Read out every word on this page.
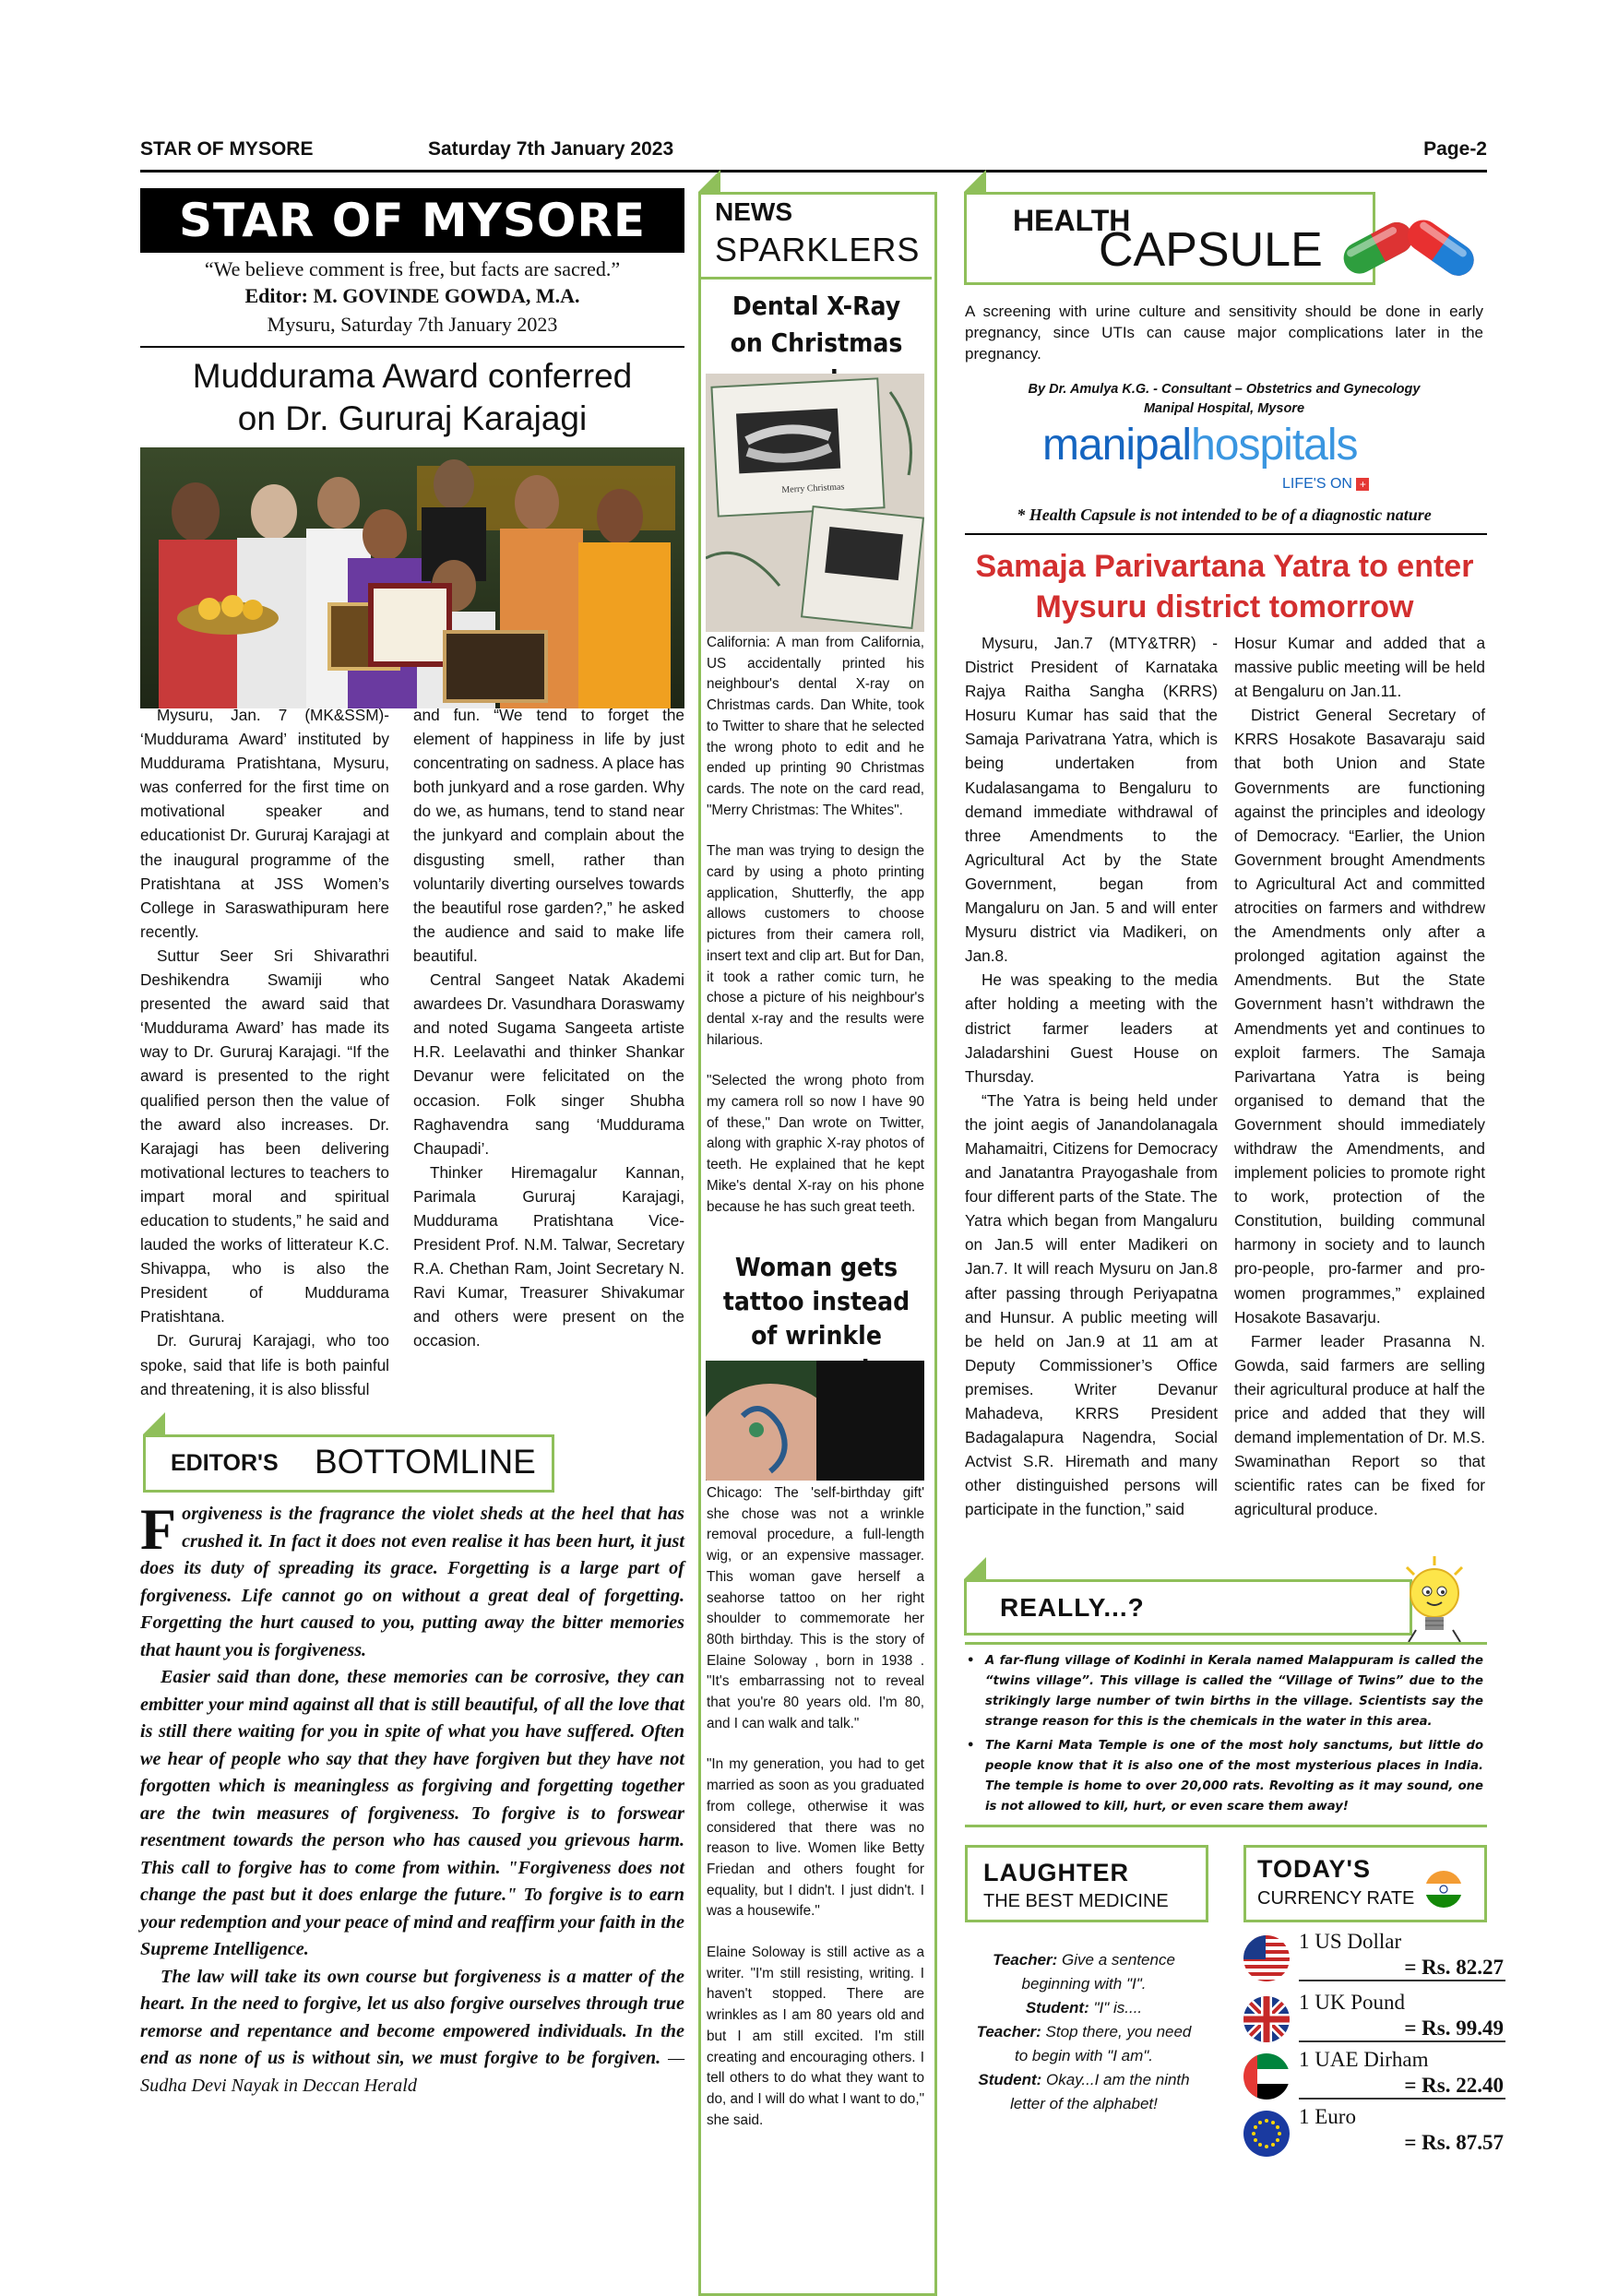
STAR OF MYSORE	Saturday 7th January 2023	Page-2
STAR OF MYSORE
“We believe comment is free, but facts are sacred.”
Editor: M. GOVINDE GOWDA, M.A.
Mysuru, Saturday 7th January 2023
Muddurama Award conferred
on Dr. Gururaj Karajagi

Mysuru, Jan. 7 (MK&SSM)- ‘Muddurama Award’ instituted by Muddurama Pratishtana, Mysuru, was conferred for the first time on motivational speaker and educationist Dr. Gururaj Karajagi at the inaugural programme of the Pratishtana at JSS Women’s College in Saraswathipuram here recently.

Suttur Seer Sri Shivarathri Deshikendra Swamiji who presented the award said that ‘Muddurama Award’ has made its way to Dr. Gururaj Karajagi. “If the award is presented to the right qualified person then the value of the award also increases. Dr. Karajagi has been delivering motivational lectures to teachers to impart moral and spiritual education to students,” he said and lauded the works of litterateur K.C. Shivappa, who is also the President of Muddurama Pratishtana.

Dr. Gururaj Karajagi, who too spoke, said that life is both painful and threatening, it is also blissful

and fun. “We tend to forget the element of happiness in life by just concentrating on sadness. A place has both junkyard and a rose garden. Why do we, as humans, tend to stand near the junkyard and complain about the disgusting smell, rather than voluntarily diverting ourselves towards the beautiful rose garden?,” he asked the audience and said to make life beautiful.

Central Sangeet Natak Akademi awardees Dr. Vasundhara Doraswamy and noted Sugama Sangeeta artiste H.R. Leelavathi and thinker Shankar Devanur were felicitated on the occasion. Folk singer Shubha Raghavendra sang ‘Muddurama Chaupadi’.

Thinker Hiremagalur Kannan, Parimala Gururaj Karajagi, Muddurama Pratishtana Vice-President Prof. N.M. Talwar, Secretary R.A. Chethan Ram, Joint Secretary N. Ravi Kumar, Treasurer Shivakumar and others were present on the occasion.

EDITOR'S BOTTOMLINE

Forgiveness is the fragrance the violet sheds at the heel that has crushed it. In fact it does not even realise it has been hurt, it just does its duty of spreading its grace. Forgetting is a large part of forgiveness. Life cannot go on without a great deal of forgetting. Forgetting the hurt caused to you, putting away the bitter memories that haunt you is forgiveness.

Easier said than done, these memories can be corrosive, they can embitter your mind against all that is still beautiful, of all the love that is still there waiting for you in spite of what you have suffered. Often we hear of people who say that they have forgiven but they have not forgotten which is meaningless as forgiving and forgetting together are the twin measures of forgiveness. To forgive is to forswear resentment towards the person who has caused you grievous harm. This call to forgive has to come from within. "Forgiveness does not change the past but it does enlarge the future." To forgive is to earn your redemption and your peace of mind and reaffirm your faith in the Supreme Intelligence.

The law will take its own course but forgiveness is a matter of the heart. In the need to forgive, let us also forgive ourselves through true remorse and repentance and become empowered individuals. In the end as none of us is without sin, we must forgive to be forgiven. — Sudha Devi Nayak in Deccan Herald

NEWS
SPARKLERS
Dental X-Ray on Christmas
Merry Christmas

California: A man from California, US accidentally printed his neighbour's dental X-ray on Christmas cards. Dan White, took to Twitter to share that he selected the wrong photo to edit and he ended up printing 90 Christmas cards. The note on the card read, "Merry Christmas: The Whites".

The man was trying to design the card by using a photo printing application, Shutterfly, the app allows customers to choose pictures from their camera roll, insert text and clip art. But for Dan, it took a rather comic turn, he chose a picture of his neighbour's dental x-ray and the results were hilarious.

"Selected the wrong photo from my camera roll so now I have 90 of these," Dan wrote on Twitter, along with graphic X-ray photos of teeth. He explained that he kept Mike's dental X-ray on his phone because he has such great teeth.

Woman gets tattoo instead of wrinkle

Chicago: The 'self-birthday gift' she chose was not a wrinkle removal procedure, a full-length wig, or an expensive massager. This woman gave herself a seahorse tattoo on her right shoulder to commemorate her 80th birthday. This is the story of Elaine Soloway , born in 1938 . "It's embarrassing not to reveal that you're 80 years old. I'm 80, and I can walk and talk."

"In my generation, you had to get married as soon as you graduated from college, otherwise it was considered that there was no reason to live. Women like Betty Friedan and others fought for equality, but I didn't. I just didn't. I was a housewife."

Elaine Soloway is still active as a writer. "I'm still resisting, writing. I haven't stopped. There are wrinkles as I am 80 years old and but I am still excited. I'm still creating and encouraging others. I tell others to do what they want to do, and I will do what I want to do," she said.

HEALTH
CAPSULE
A screening with urine culture and sensitivity should be done in early pregnancy, since UTIs can cause major complications later in the pregnancy.
By Dr. Amulya K.G. - Consultant – Obstetrics and Gynecology
Manipal Hospital, Mysore
manipalhospitals
LIFE'S ON +
* Health Capsule is not intended to be of a diagnostic nature
Samaja Parivartana Yatra to enter
Mysuru district tomorrow

Mysuru, Jan.7 (MTY&TRR) - District President of Karnataka Rajya Raitha Sangha (KRRS) Hosuru Kumar has said that the Samaja Parivatrana Yatra, which is being undertaken from Kudalasangama to Bengaluru to demand immediate withdrawal of three Amendments to the Agricultural Act by the State Government, began from Mangaluru on Jan. 5 and will enter Mysuru district via Madikeri, on Jan.8.

He was speaking to the media after holding a meeting with the district farmer leaders at Jaladarshini Guest House on Thursday.

“The Yatra is being held under the joint aegis of Janandolanagala Mahamaitri, Citizens for Democracy and Janatantra Prayogashale from four different parts of the State. The Yatra which began from Mangaluru on Jan.5 will enter Madikeri on Jan.7. It will reach Mysuru on Jan.8 after passing through Periyapatna and Hunsur. A public meeting will be held on Jan.9 at 11 am at Deputy Commissioner’s Office premises. Writer Devanur Mahadeva, KRRS President Badagalapura Nagendra, Social Actvist S.R. Hiremath and many other distinguished persons will participate in the function,” said

Hosur Kumar and added that a massive public meeting will be held at Bengaluru on Jan.11.

District General Secretary of KRRS Hosakote Basavaraju said that both Union and State Governments are functioning against the principles and ideology of Democracy. “Earlier, the Union Government brought Amendments to Agricultural Act and committed atrocities on farmers and withdrew the Amendments only after a prolonged agitation against the Amendments. But the State Government hasn’t withdrawn the Amendments yet and continues to exploit farmers. The Samaja Parivartana Yatra is being organised to demand that the Government should immediately withdraw the Amendments, and implement policies to promote right to work, protection of the Constitution, building communal harmony in society and to launch pro-people, pro-farmer and pro-women programmes,” explained Hosakote Basavarju.

Farmer leader Prasanna N. Gowda, said farmers are selling their agricultural produce at half the price and added that they will demand implementation of Dr. M.S. Swaminathan Report so that scientific rates can be fixed for agricultural produce.

REALLY...?
• A far-flung village of Kodinhi in Kerala named Malappuram is called the “twins village”. This village is called the “Village of Twins” due to the strikingly large number of twin births in the village. Scientists say the strange reason for this is the chemicals in the water in this area.
• The Karni Mata Temple is one of the most holy sanctums, but little do people know that it is also one of the most mysterious places in India. The temple is home to over 20,000 rats. Revolting as it may sound, one is not allowed to kill, hurt, or even scare them away!
LAUGHTER
THE BEST MEDICINE

Teacher: Give a sentence beginning with "I".

Student: "I" is....

Teacher: Stop there, you need to begin with "I am".

Student: Okay...I am the ninth letter of the alphabet!

TODAY'S
CURRENCY RATE
1 US Dollar
= Rs. 82.27
1 UK Pound
= Rs. 99.49
1 UAE Dirham
= Rs. 22.40
1 Euro
= Rs. 87.57
